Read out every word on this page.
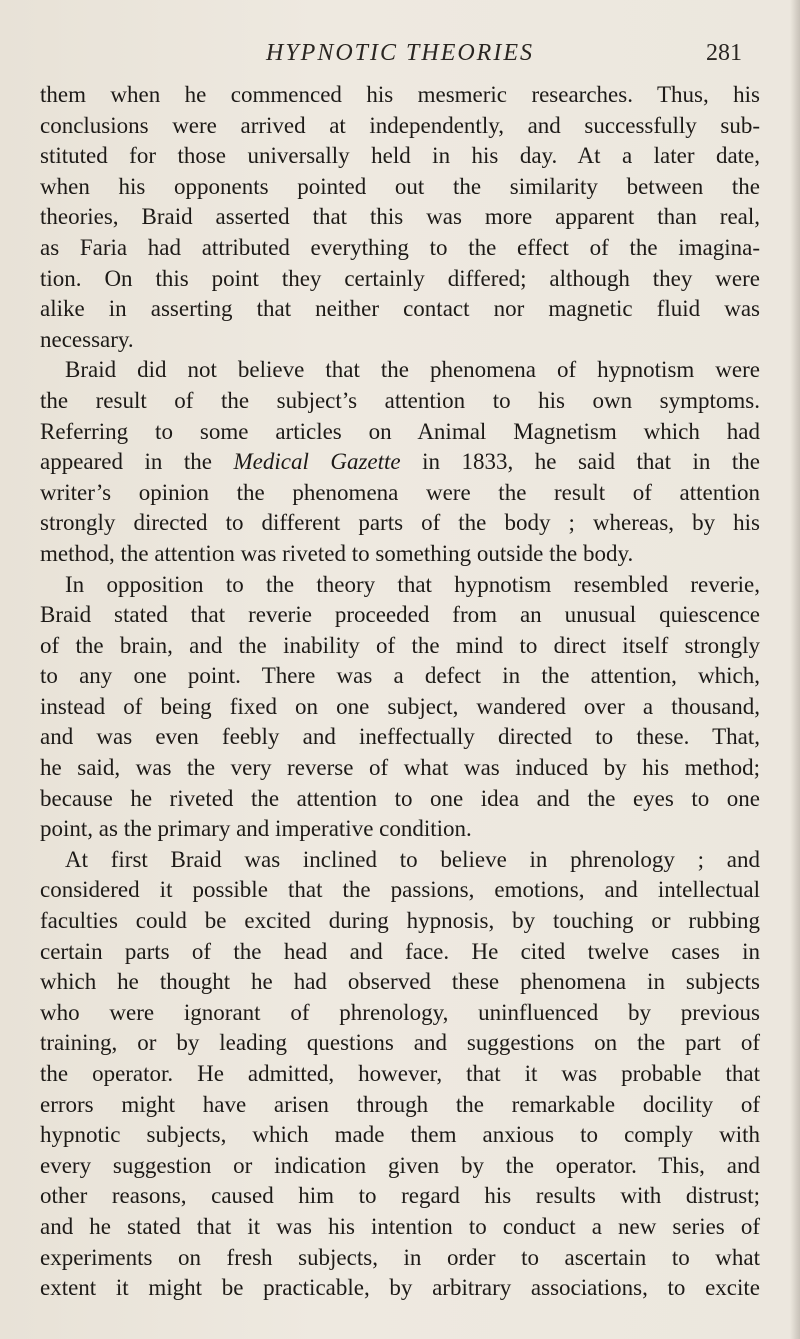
HYPNOTIC THEORIES	281
them when he commenced his mesmeric researches. Thus, his
conclusions were arrived at independently, and successfully sub-
stituted for those universally held in his day. At a later date,
when his opponents pointed out the similarity between the
theories, Braid asserted that this was more apparent than real,
as Faria had attributed everything to the effect of the imagina-
tion. On this point they certainly differed; although they were
alike in asserting that neither contact nor magnetic fluid was
necessary.
Braid did not believe that the phenomena of hypnotism were
the result of the subject’s attention to his own symptoms.
Referring to some articles on Animal Magnetism which had
appeared in the Medical Gazette in 1833, he said that in the
writer’s opinion the phenomena were the result of attention
strongly directed to different parts of the body ; whereas, by his
method, the attention was riveted to something outside the body.
In opposition to the theory that hypnotism resembled reverie,
Braid stated that reverie proceeded from an unusual quiescence
of the brain, and the inability of the mind to direct itself strongly
to any one point. There was a defect in the attention, which,
instead of being fixed on one subject, wandered over a thousand,
and was even feebly and ineffectually directed to these. That,
he said, was the very reverse of what was induced by his method;
because he riveted the attention to one idea and the eyes to one
point, as the primary and imperative condition.
At first Braid was inclined to believe in phrenology ; and
considered it possible that the passions, emotions, and intellectual
faculties could be excited during hypnosis, by touching or rubbing
certain parts of the head and face. He cited twelve cases in
which he thought he had observed these phenomena in subjects
who were ignorant of phrenology, uninfluenced by previous
training, or by leading questions and suggestions on the part of
the operator. He admitted, however, that it was probable that
errors might have arisen through the remarkable docility of
hypnotic subjects, which made them anxious to comply with
every suggestion or indication given by the operator. This, and
other reasons, caused him to regard his results with distrust;
and he stated that it was his intention to conduct a new series of
experiments on fresh subjects, in order to ascertain to what
extent it might be practicable, by arbitrary associations, to excite
